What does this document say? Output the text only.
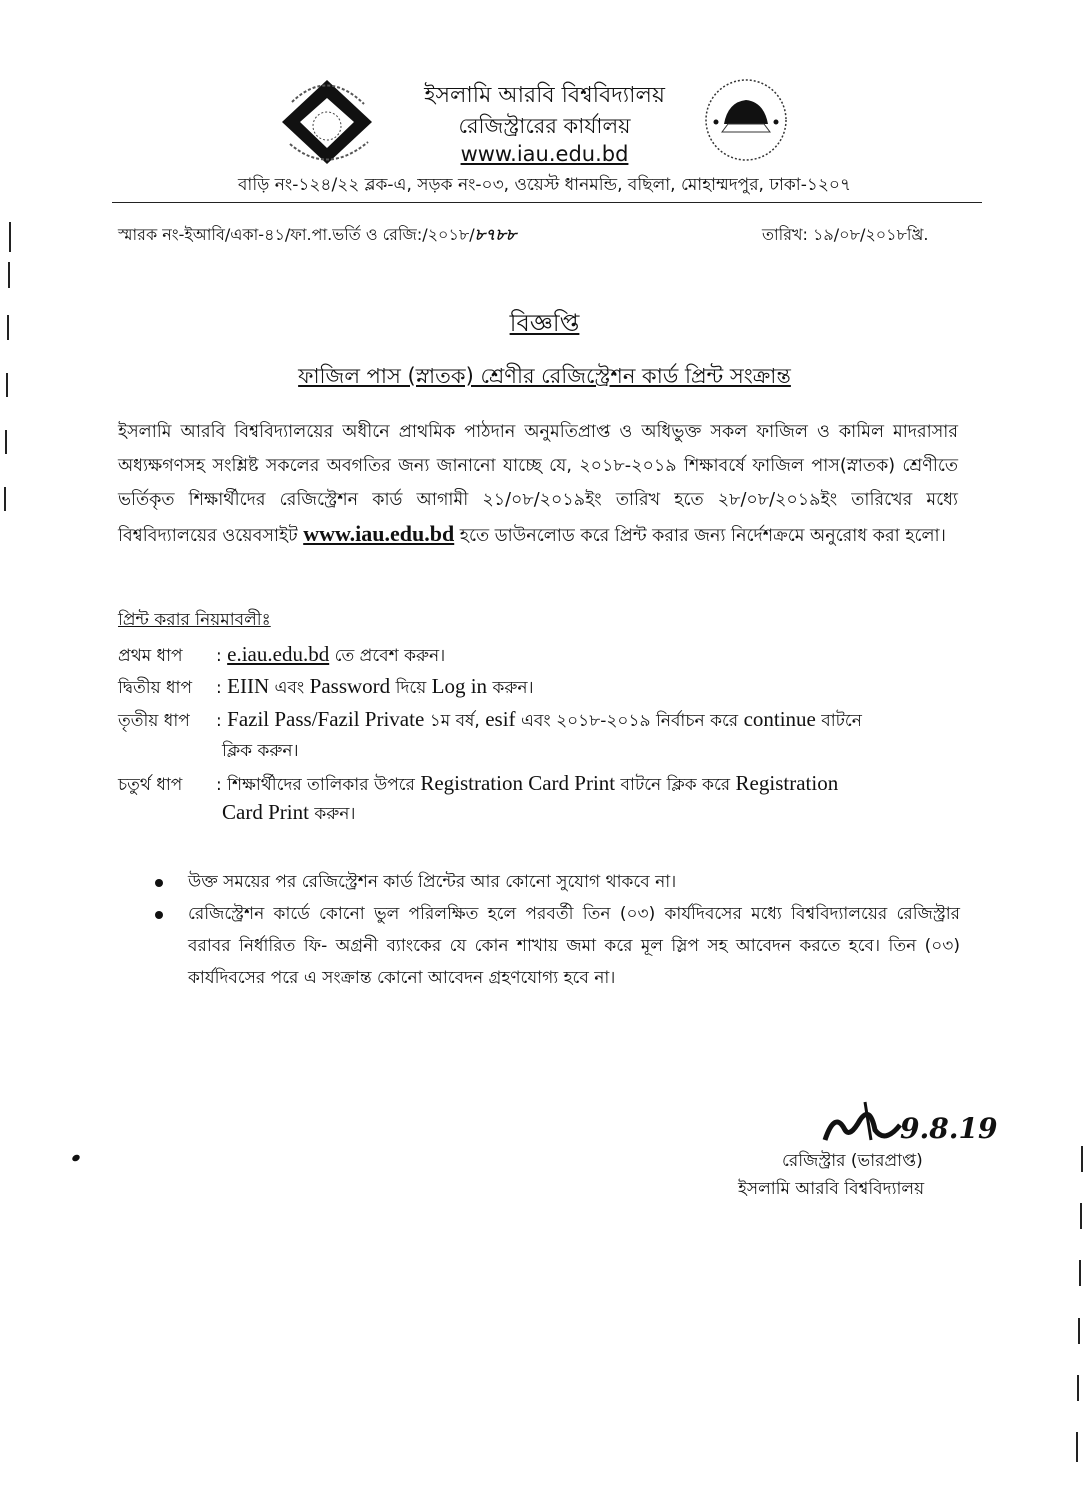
ইসলামি আরবি বিশ্ববিদ্যালয়
রেজিস্ট্রারের কার্যালয়
www.iau.edu.bd
বাড়ি নং-১২৪/২২ ব্লক-এ, সড়ক নং-০৩, ওয়েস্ট ধানমন্ডি, বছিলা, মোহাম্মদপুর, ঢাকা-১২০৭
স্মারক নং-ইআবি/একা-৪১/ফা.পা.ভর্তি ও রেজি:/২০১৮/৮৭৮৮	তারিখ: ১৯/০৮/২০১৮খ্রি.
বিজ্ঞপ্তি
ফাজিল পাস (স্নাতক) শ্রেণীর রেজিস্ট্রেশন কার্ড প্রিন্ট সংক্রান্ত
ইসলামি আরবি বিশ্ববিদ্যালয়ের অধীনে প্রাথমিক পাঠদান অনুমতিপ্রাপ্ত ও অধিভুক্ত সকল ফাজিল ও কামিল মাদরাসার অধ্যক্ষগণসহ সংশ্লিষ্ট সকলের অবগতির জন্য জানানো যাচ্ছে যে, ২০১৮-২০১৯ শিক্ষাবর্ষে ফাজিল পাস(স্নাতক) শ্রেণীতে ভর্তিকৃত শিক্ষার্থীদের রেজিস্ট্রেশন কার্ড আগামী ২১/০৮/২০১৯ইং তারিখ হতে ২৮/০৮/২০১৯ইং তারিখের মধ্যে বিশ্ববিদ্যালয়ের ওয়েবসাইট www.iau.edu.bd হতে ডাউনলোড করে প্রিন্ট করার জন্য নির্দেশক্রমে অনুরোধ করা হলো।
প্রিন্ট করার নিয়মাবলীঃ
প্রথম ধাপ : e.iau.edu.bd তে প্রবেশ করুন।
দ্বিতীয় ধাপ : EIIN এবং Password দিয়ে Log in করুন।
তৃতীয় ধাপ : Fazil Pass/Fazil Private ১ম বর্ষ, esif এবং ২০১৮-২০১৯ নির্বাচন করে continue বাটনে
ক্লিক করুন।
চতুর্থ ধাপ : শিক্ষার্থীদের তালিকার উপরে Registration Card Print বাটনে ক্লিক করে Registration
Card Print করুন।
উক্ত সময়ের পর রেজিস্ট্রেশন কার্ড প্রিন্টের আর কোনো সুযোগ থাকবে না।
রেজিস্ট্রেশন কার্ডে কোনো ভুল পরিলক্ষিত হলে পরবর্তী তিন (০৩) কার্যদিবসের মধ্যে বিশ্ববিদ্যালয়ের রেজিস্ট্রার বরাবর নির্ধারিত ফি- অগ্রনী ব্যাংকের যে কোন শাখায় জমা করে মূল স্লিপ সহ আবেদন করতে হবে। তিন (০৩) কার্যদিবসের পরে এ সংক্রান্ত কোনো আবেদন গ্রহণযোগ্য হবে না।
9.8.19
রেজিস্ট্রার (ভারপ্রাপ্ত)
ইসলামি আরবি বিশ্ববিদ্যালয়
